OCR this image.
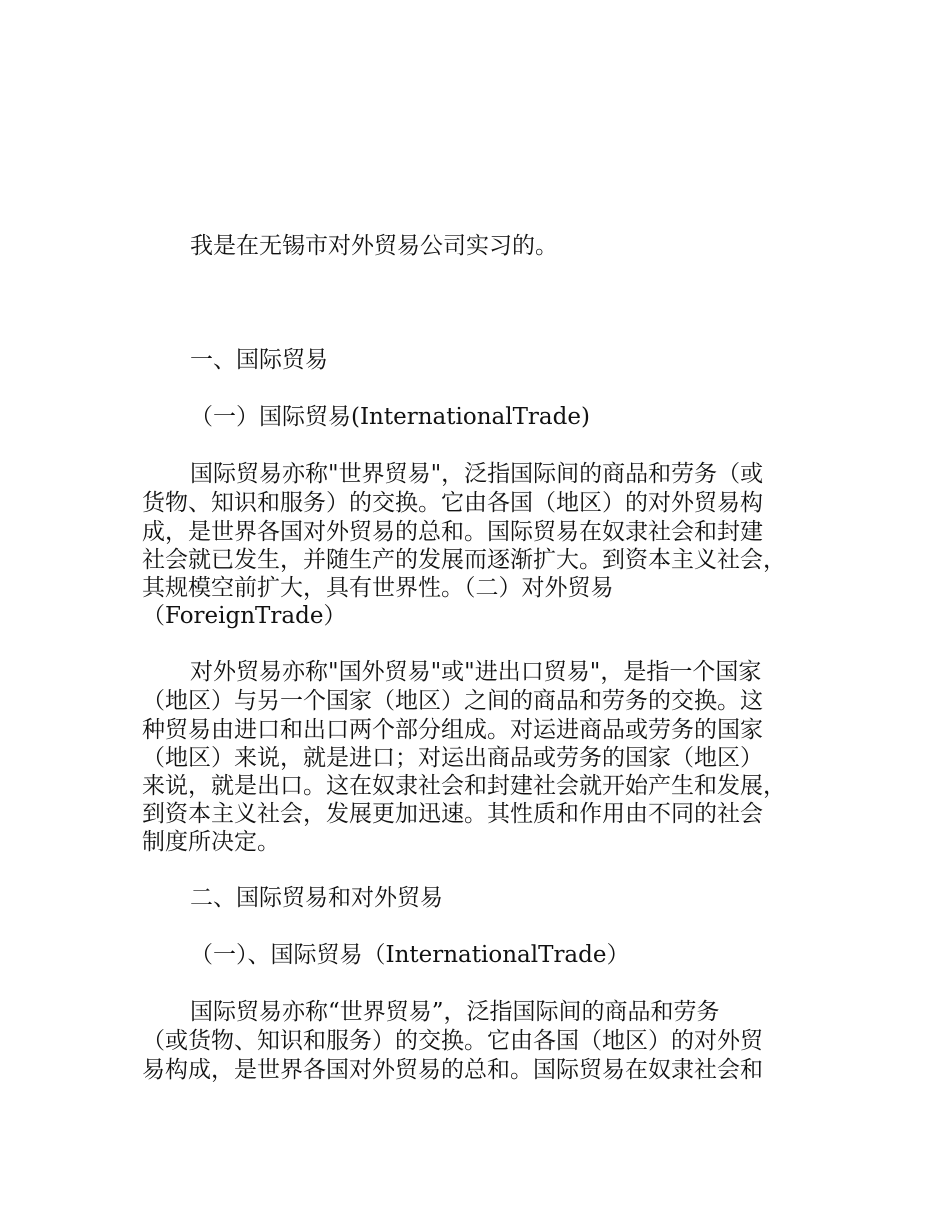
我是在无锡市对外贸易公司实习的。
一、国际贸易
（一）国际贸易(InternationalTrade)
国际贸易亦称"世界贸易"，泛指国际间的商品和劳务（或
货物、知识和服务）的交换。它由各国（地区）的对外贸易构
成，是世界各国对外贸易的总和。国际贸易在奴隶社会和封建
社会就已发生，并随生产的发展而逐渐扩大。到资本主义社会，
其规模空前扩大，具有世界性。（二）对外贸易
（ForeignTrade）
对外贸易亦称"国外贸易"或"进出口贸易"，是指一个国家
（地区）与另一个国家（地区）之间的商品和劳务的交换。这
种贸易由进口和出口两个部分组成。对运进商品或劳务的国家
（地区）来说，就是进口；对运出商品或劳务的国家（地区）
来说，就是出口。这在奴隶社会和封建社会就开始产生和发展，
到资本主义社会，发展更加迅速。其性质和作用由不同的社会
制度所决定。
二、国际贸易和对外贸易
（一）、国际贸易（InternationalTrade）
国际贸易亦称“世界贸易”，泛指国际间的商品和劳务
（或货物、知识和服务）的交换。它由各国（地区）的对外贸
易构成，是世界各国对外贸易的总和。国际贸易在奴隶社会和
